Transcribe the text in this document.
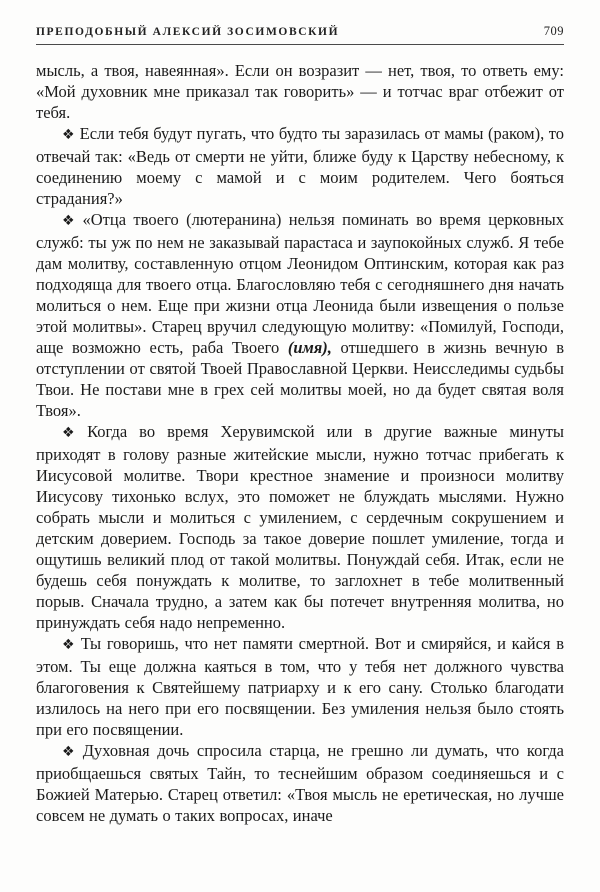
ПРЕПОДОБНЫЙ АЛЕКСИЙ ЗОСИМОВСКИЙ	709

мысль, а твоя, навеянная». Если он возразит — нет, твоя, то ответь ему: «Мой духовник мне приказал так говорить» — и тотчас враг отбежит от тебя.

❖ Если тебя будут пугать, что будто ты заразилась от мамы (раком), то отвечай так: «Ведь от смерти не уйти, ближе буду к Царству небесному, к соединению моему с мамой и с моим родителем. Чего бояться страдания?»

❖ «Отца твоего (лютеранина) нельзя поминать во время церковных служб: ты уж по нем не заказывай парастаса и заупокойных служб. Я тебе дам молитву, составленную отцом Леонидом Оптинским, которая как раз подходяща для твоего отца. Благословляю тебя с сегодняшнего дня начать молиться о нем. Еще при жизни отца Леонида были извещения о пользе этой молитвы». Старец вручил следующую молитву: «Помилуй, Господи, аще возможно есть, раба Твоего (имя), отшедшего в жизнь вечную в отступлении от святой Твоей Православной Церкви. Неисследимы судьбы Твои. Не постави мне в грех сей молитвы моей, но да будет святая воля Твоя».

❖ Когда во время Херувимской или в другие важные минуты приходят в голову разные житейские мысли, нужно тотчас прибегать к Иисусовой молитве. Твори крестное знамение и произноси молитву Иисусову тихонько вслух, это поможет не блуждать мыслями. Нужно собрать мысли и молиться с умилением, с сердечным сокрушением и детским доверием. Господь за такое доверие пошлет умиление, тогда и ощутишь великий плод от такой молитвы. Понуждай себя. Итак, если не будешь себя понуждать к молитве, то заглохнет в тебе молитвенный порыв. Сначала трудно, а затем как бы потечет внутренняя молитва, но принуждать себя надо непременно.

❖ Ты говоришь, что нет памяти смертной. Вот и смиряйся, и кайся в этом. Ты еще должна каяться в том, что у тебя нет должного чувства благоговения к Святейшему патриарху и к его сану. Столько благодати излилось на него при его посвящении. Без умиления нельзя было стоять при его посвящении.

❖ Духовная дочь спросила старца, не грешно ли думать, что когда приобщаешься святых Тайн, то теснейшим образом соединяешься и с Божией Матерью. Старец ответил: «Твоя мысль не еретическая, но лучше совсем не думать о таких вопросах, иначе
